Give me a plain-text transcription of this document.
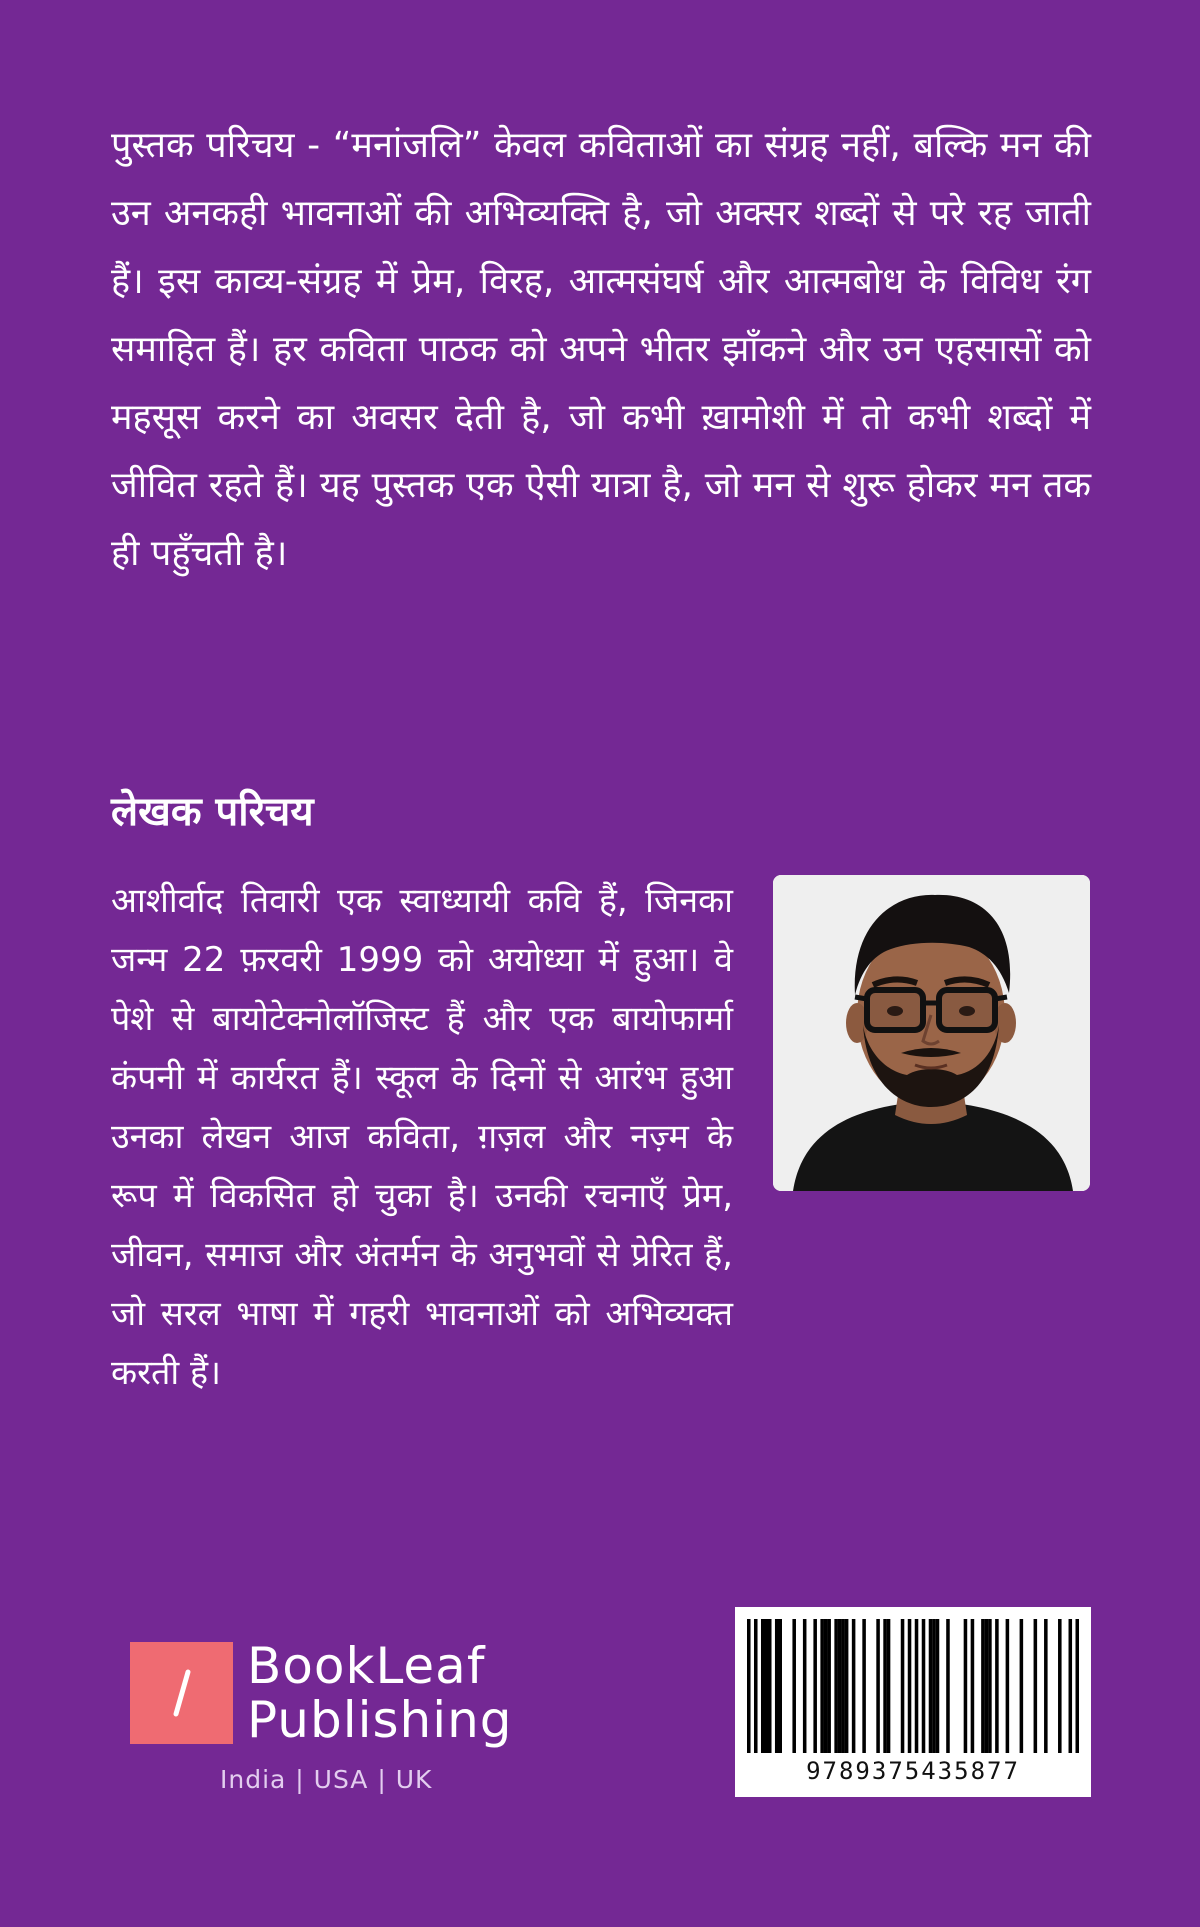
पुस्तक परिचय - “मनांजलि” केवल कविताओं का संग्रह नहीं, बल्कि मन की उन अनकही भावनाओं की अभिव्यक्ति है, जो अक्सर शब्दों से परे रह जाती हैं। इस काव्य-संग्रह में प्रेम, विरह, आत्मसंघर्ष और आत्मबोध के विविध रंग समाहित हैं। हर कविता पाठक को अपने भीतर झाँकने और उन एहसासों को महसूस करने का अवसर देती है, जो कभी ख़ामोशी में तो कभी शब्दों में जीवित रहते हैं। यह पुस्तक एक ऐसी यात्रा है, जो मन से शुरू होकर मन तक ही पहुँचती है।

लेखक परिचय

आशीर्वाद तिवारी एक स्वाध्यायी कवि हैं, जिनका जन्म 22 फ़रवरी 1999 को अयोध्या में हुआ। वे पेशे से बायोटेक्नोलॉजिस्ट हैं और एक बायोफार्मा कंपनी में कार्यरत हैं। स्कूल के दिनों से आरंभ हुआ उनका लेखन आज कविता, ग़ज़ल और नज़्म के रूप में विकसित हो चुका है। उनकी रचनाएँ प्रेम, जीवन, समाज और अंतर्मन के अनुभवों से प्रेरित हैं, जो सरल भाषा में गहरी भावनाओं को अभिव्यक्त करती हैं।

BookLeaf
Publishing
India | USA | UK	9789375435877
